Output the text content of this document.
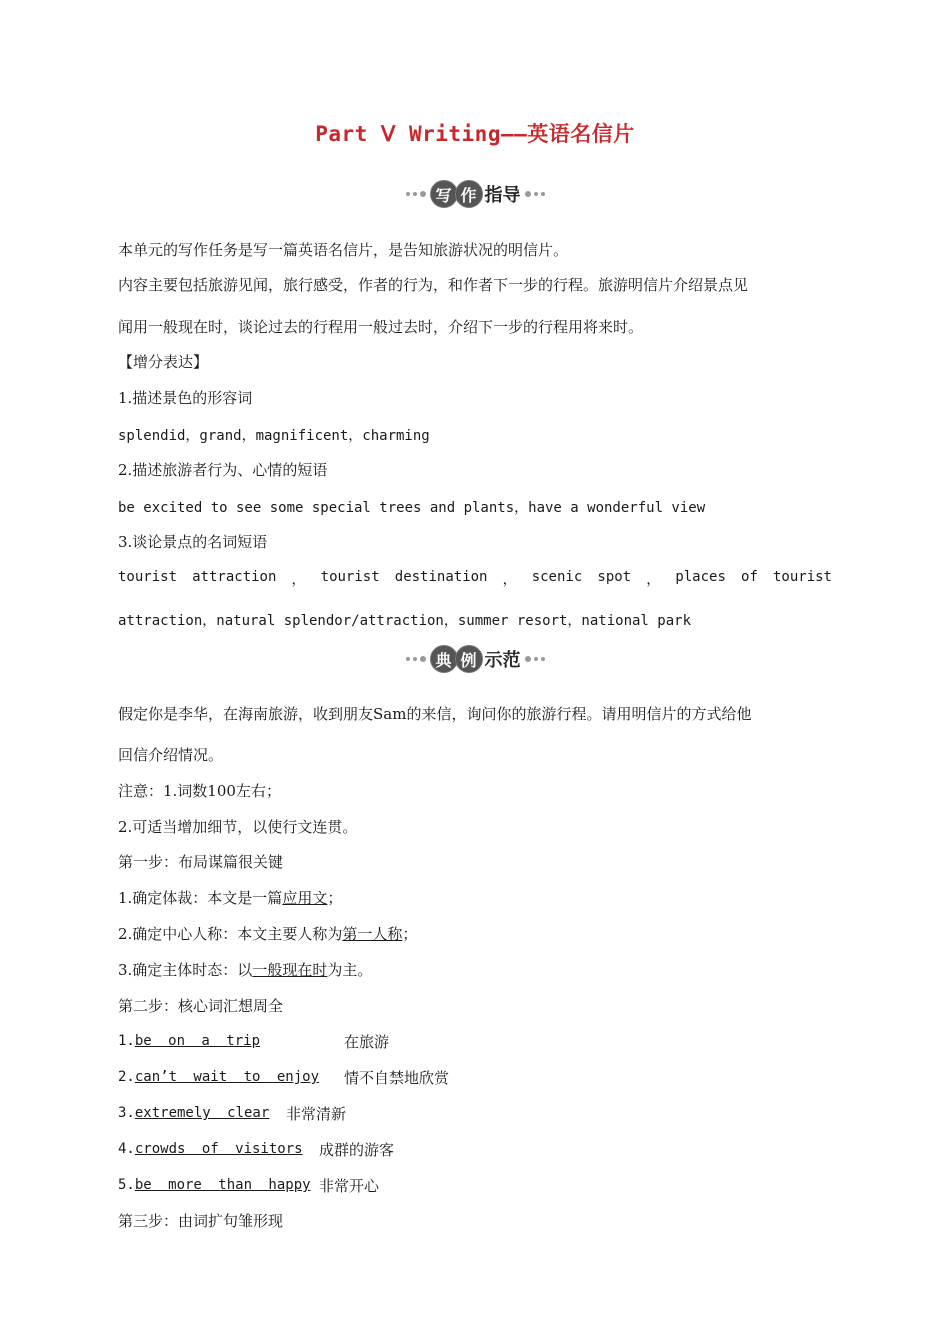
Part Ⅴ Writing——英语名信片
写 作 指导
本单元的写作任务是写一篇英语名信片，是告知旅游状况的明信片。
内容主要包括旅游见闻，旅行感受，作者的行为，和作者下一步的行程。旅游明信片介绍景点见
闻用一般现在时，谈论过去的行程用一般过去时，介绍下一步的行程用将来时。
【增分表达】
1.描述景色的形容词
splendid，grand，magnificent，charming
2.描述旅游者行为、心情的短语
be excited to see some special trees and plants，have a wonderful view
3.谈论景点的名词短语
tourist attraction ， tourist destination ， scenic spot ， places of tourist
attraction，natural splendor/attraction，summer resort，national park
典 例 示范
假定你是李华，在海南旅游，收到朋友Sam的来信，询问你的旅游行程。请用明信片的方式给他
回信介绍情况。
注意：1.词数100左右；
2.可适当增加细节，以使行文连贯。
第一步：布局谋篇很关键
1.确定体裁：本文是一篇应用文；
2.确定中心人称：本文主要人称为第一人称；
3.确定主体时态：以一般现在时为主。
第二步：核心词汇想周全
1.be on a trip	在旅游
2.can’t wait to enjoy 情不自禁地欣赏
3.extremely clear 非常清新
4.crowds of visitors 成群的游客
5.be more than happy 非常开心
第三步：由词扩句雏形现
